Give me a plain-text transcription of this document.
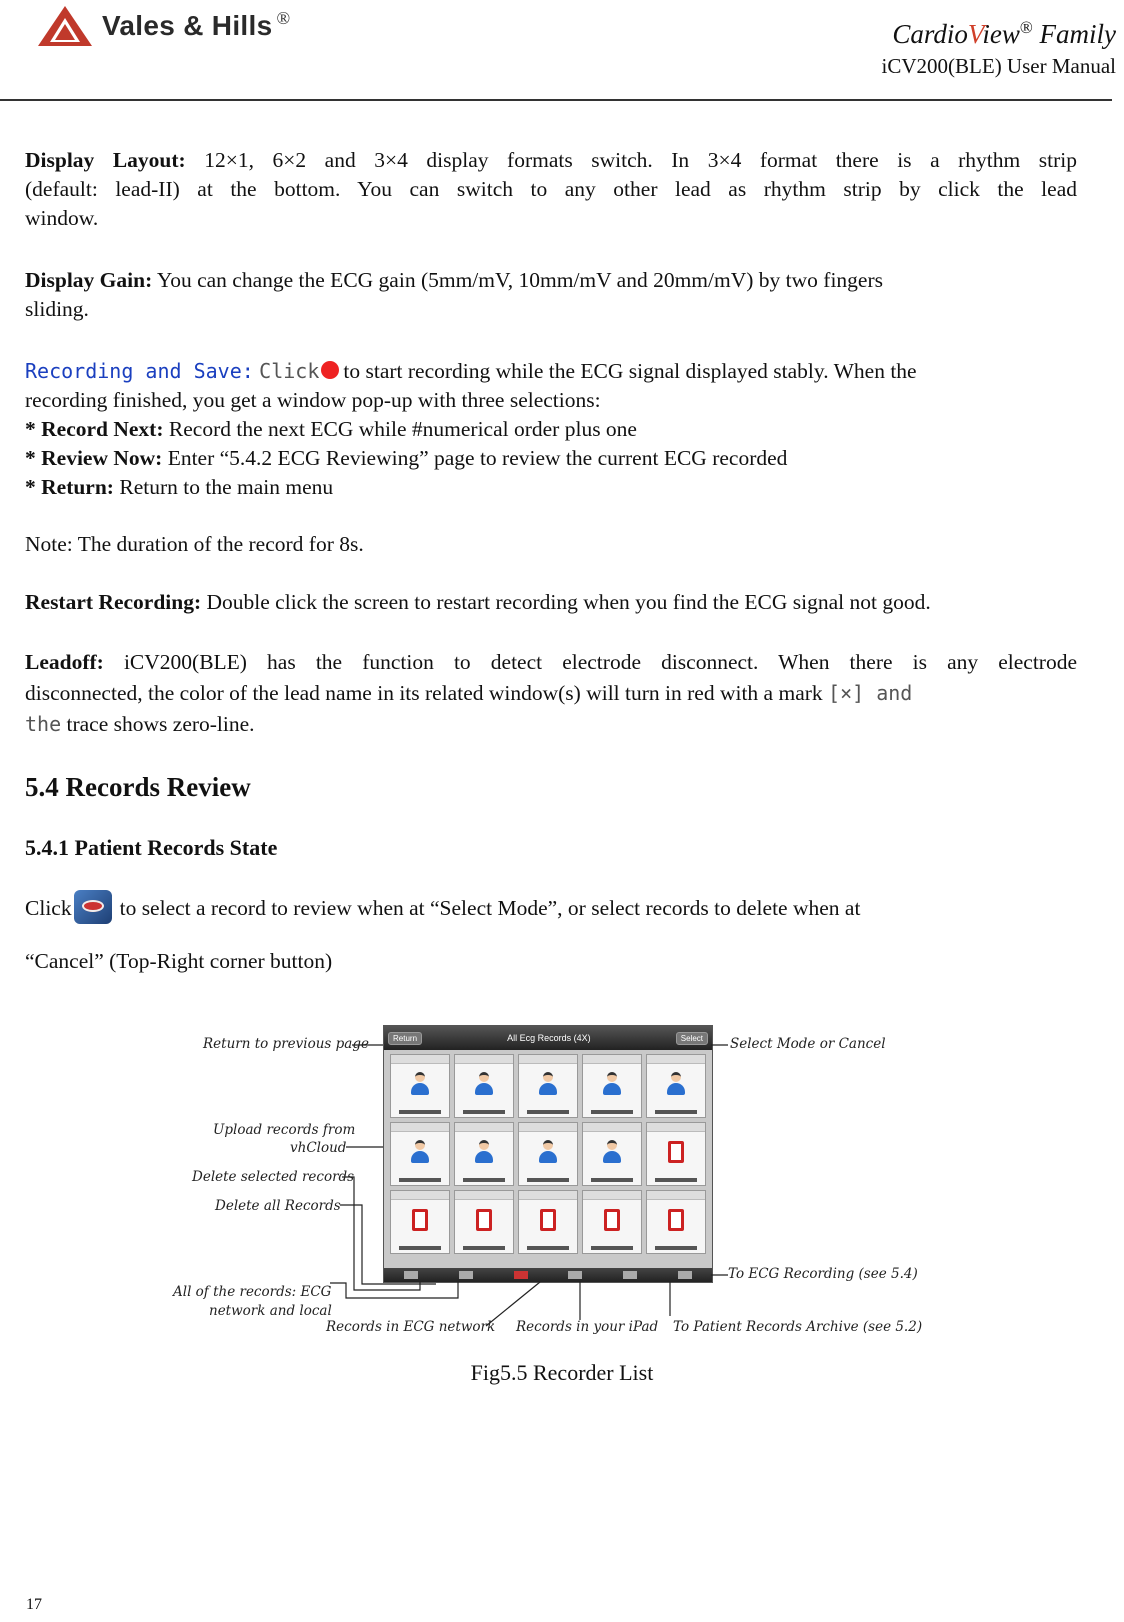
Vales & Hills ®
CardioView® Family
iCV200(BLE) User Manual
Display Layout: 12×1, 6×2 and 3×4 display formats switch. In 3×4 format there is a rhythm strip
(default: lead-II) at the bottom. You can switch to any other lead as rhythm strip by click the lead
window.
Display Gain: You can change the ECG gain (5mm/mV, 10mm/mV and 20mm/mV) by two fingers
sliding.
Recording and Save: Click to start recording while the ECG signal displayed stably. When the
recording finished, you get a window pop-up with three selections:
* Record Next: Record the next ECG while #numerical order plus one
* Review Now: Enter “5.4.2 ECG Reviewing” page to review the current ECG recorded
* Return: Return to the main menu
Note: The duration of the record for 8s.
Restart Recording: Double click the screen to restart recording when you find the ECG signal not good.
Leadoff: iCV200(BLE) has the function to detect electrode disconnect. When there is any electrode
disconnected, the color of the lead name in its related window(s) will turn in red with a mark [×] and
the trace shows zero-line.
5.4 Records Review
5.4.1 Patient Records State
Click to select a record to review when at “Select Mode”, or select records to delete when at
“Cancel” (Top-Right corner button)
Return	All Ecg Records (4X)	Select
Return to previous page
Upload records from
vhCloud
Delete selected records
Delete all Records
All of the records: ECG
network and local
Records in ECG network Records in your iPad To Patient Records Archive (see 5.2)
Select Mode or Cancel
To ECG Recording (see 5.4)
Fig5.5 Recorder List
17
